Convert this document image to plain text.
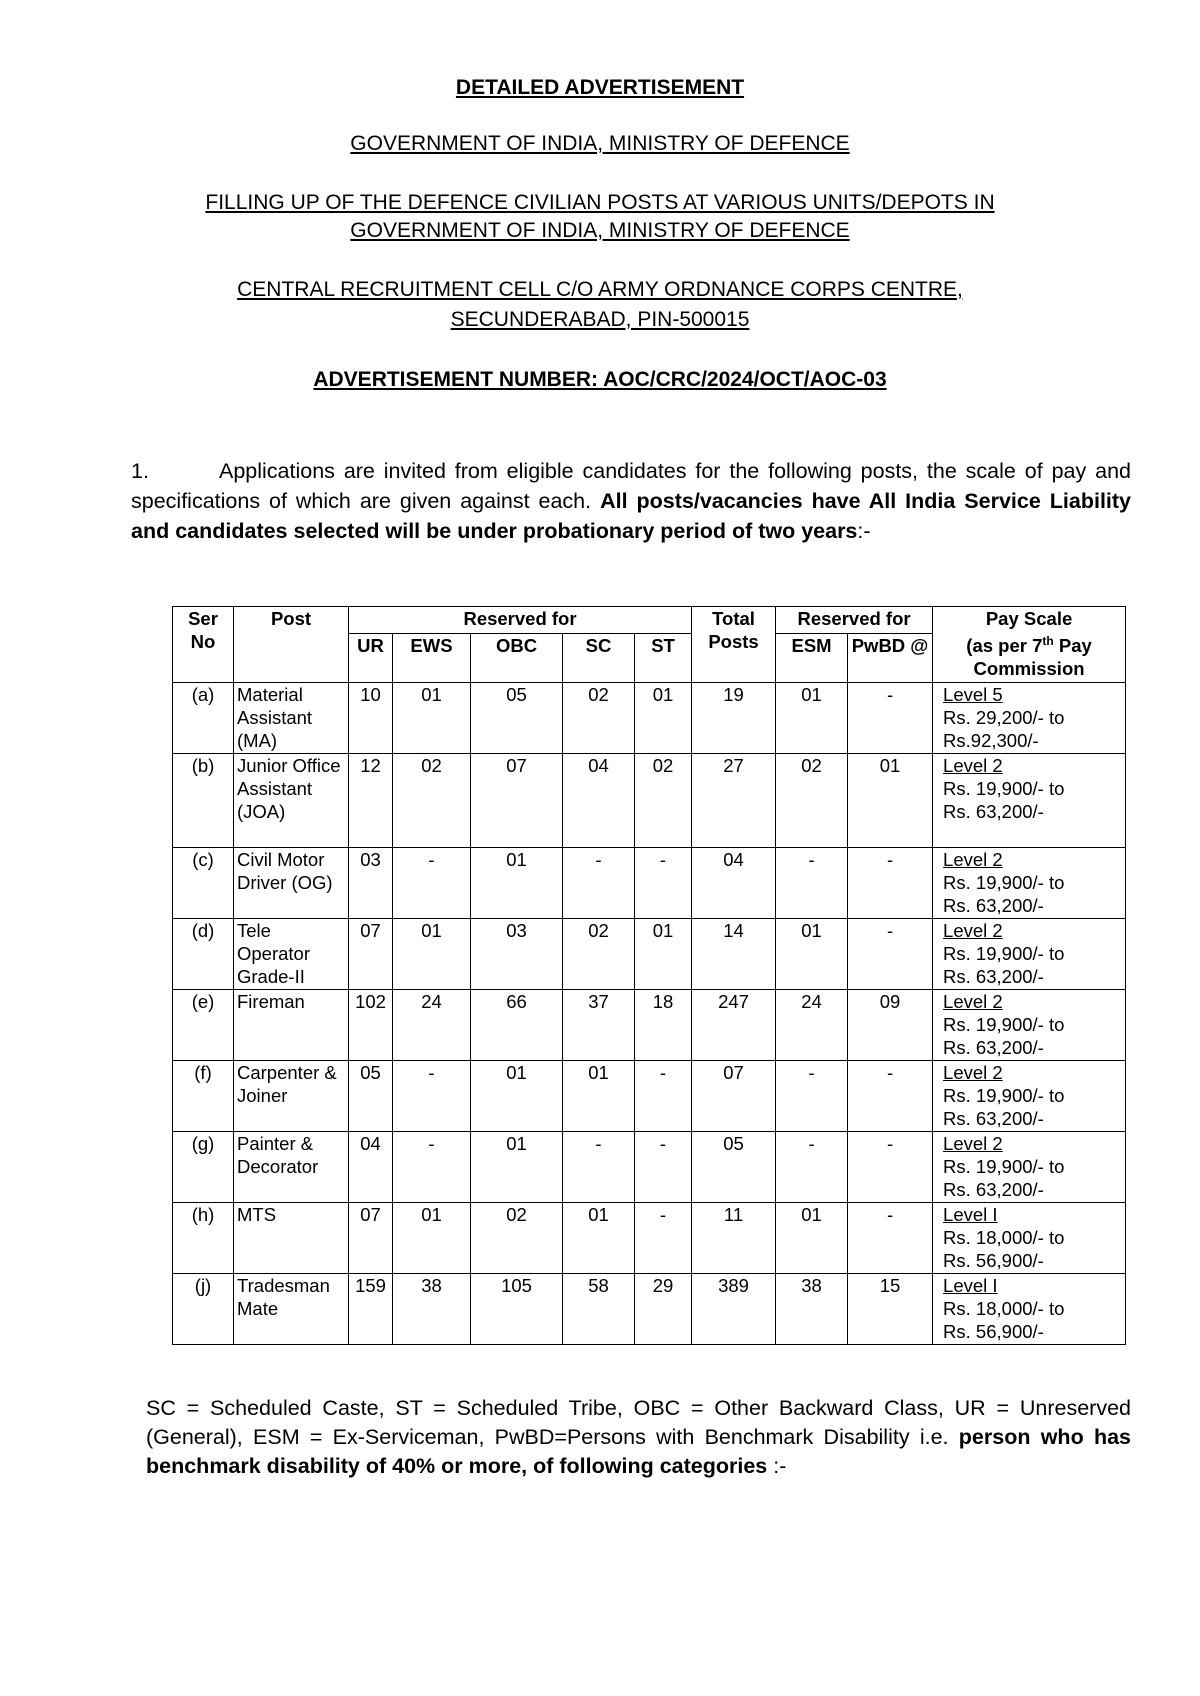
DETAILED ADVERTISEMENT
GOVERNMENT OF INDIA, MINISTRY OF DEFENCE
FILLING UP OF THE DEFENCE CIVILIAN POSTS AT VARIOUS UNITS/DEPOTS IN
GOVERNMENT OF INDIA, MINISTRY OF DEFENCE
CENTRAL RECRUITMENT CELL C/O ARMY ORDNANCE CORPS CENTRE,
SECUNDERABAD, PIN-500015
ADVERTISEMENT NUMBER: AOC/CRC/2024/OCT/AOC-03
1.	Applications are invited from eligible candidates for the following posts, the scale of pay and specifications of which are given against each. All posts/vacancies have All India Service Liability and candidates selected will be under probationary period of two years:-
Ser No	Post	Reserved for					Total Posts	Reserved for		Pay Scale
(as per 7th Pay
Commission
		UR	EWS	OBC	SC	ST		ESM	PwBD @	
(a)	Material Assistant (MA)	10	01	05	02	01	19	01	-	Level 5
Rs. 29,200/- to
Rs.92,300/-
(b)	Junior Office Assistant (JOA)	12	02	07	04	02	27	02	01	Level 2
Rs. 19,900/- to
Rs. 63,200/-
(c)	Civil Motor Driver (OG)	03	-	01	-	-	04	-	-	Level 2
Rs. 19,900/- to
Rs. 63,200/-
(d)	Tele Operator Grade-II	07	01	03	02	01	14	01	-	Level 2
Rs. 19,900/- to
Rs. 63,200/-
(e)	Fireman	102	24	66	37	18	247	24	09	Level 2
Rs. 19,900/- to
Rs. 63,200/-
(f)	Carpenter & Joiner	05	-	01	01	-	07	-	-	Level 2
Rs. 19,900/- to
Rs. 63,200/-
(g)	Painter & Decorator	04	-	01	-	-	05	-	-	Level 2
Rs. 19,900/- to
Rs. 63,200/-
(h)	MTS	07	01	02	01	-	11	01	-	Level I
Rs. 18,000/- to
Rs. 56,900/-
(j)	Tradesman Mate	159	38	105	58	29	389	38	15	Level I
Rs. 18,000/- to
Rs. 56,900/-
SC = Scheduled Caste, ST = Scheduled Tribe, OBC = Other Backward Class, UR = Unreserved (General), ESM = Ex-Serviceman, PwBD=Persons with Benchmark Disability i.e. person who has benchmark disability of 40% or more, of following categories :-
